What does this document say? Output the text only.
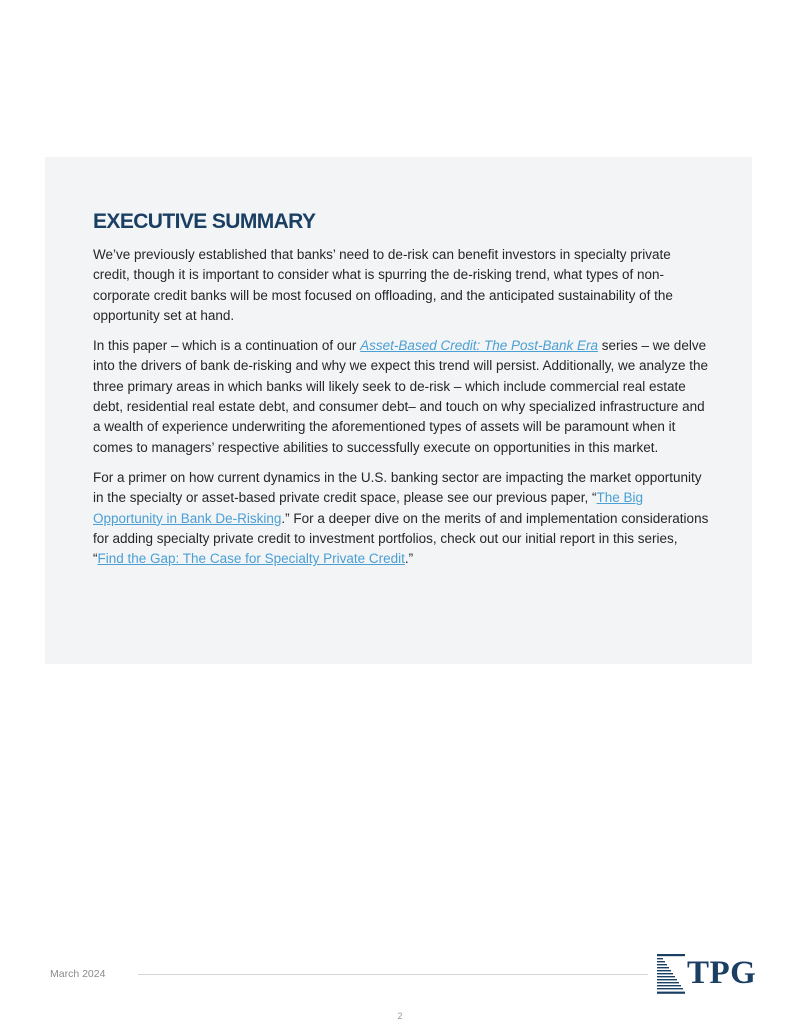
EXECUTIVE SUMMARY

We’ve previously established that banks’ need to de-risk can benefit investors in specialty private credit, though it is important to consider what is spurring the de-risking trend, what types of non-corporate credit banks will be most focused on offloading, and the anticipated sustainability of the opportunity set at hand.

In this paper – which is a continuation of our Asset-Based Credit: The Post-Bank Era series – we delve into the drivers of bank de-risking and why we expect this trend will persist. Additionally, we analyze the three primary areas in which banks will likely seek to de-risk – which include commercial real estate debt, residential real estate debt, and consumer debt– and touch on why specialized infrastructure and a wealth of experience underwriting the aforementioned types of assets will be paramount when it comes to managers’ respective abilities to successfully execute on opportunities in this market.

For a primer on how current dynamics in the U.S. banking sector are impacting the market opportunity in the specialty or asset-based private credit space, please see our previous paper, “The Big Opportunity in Bank De-Risking.” For a deeper dive on the merits of and implementation considerations for adding specialty private credit to investment portfolios, check out our initial report in this series, “Find the Gap: The Case for Specialty Private Credit.”

March 2024	TPG
2
